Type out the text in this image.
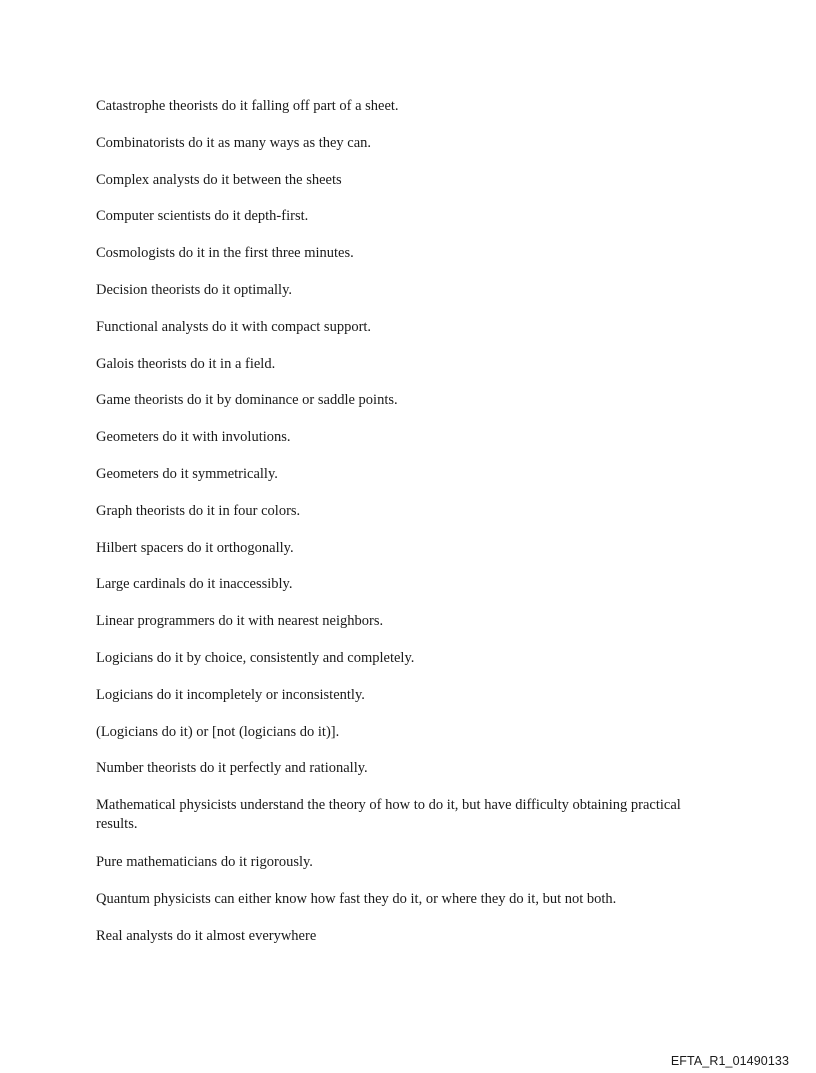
Catastrophe theorists do it falling off part of a sheet.
Combinatorists do it as many ways as they can.
Complex analysts do it between the sheets
Computer scientists do it depth-first.
Cosmologists do it in the first three minutes.
Decision theorists do it optimally.
Functional analysts do it with compact support.
Galois theorists do it in a field.
Game theorists do it by dominance or saddle points.
Geometers do it with involutions.
Geometers do it symmetrically.
Graph theorists do it in four colors.
Hilbert spacers do it orthogonally.
Large cardinals do it inaccessibly.
Linear programmers do it with nearest neighbors.
Logicians do it by choice, consistently and completely.
Logicians do it incompletely or inconsistently.
(Logicians do it) or [not (logicians do it)].
Number theorists do it perfectly and rationally.
Mathematical physicists understand the theory of how to do it, but have difficulty obtaining practical results.
Pure mathematicians do it rigorously.
Quantum physicists can either know how fast they do it, or where they do it, but not both.
Real analysts do it almost everywhere
EFTA_R1_01490133
